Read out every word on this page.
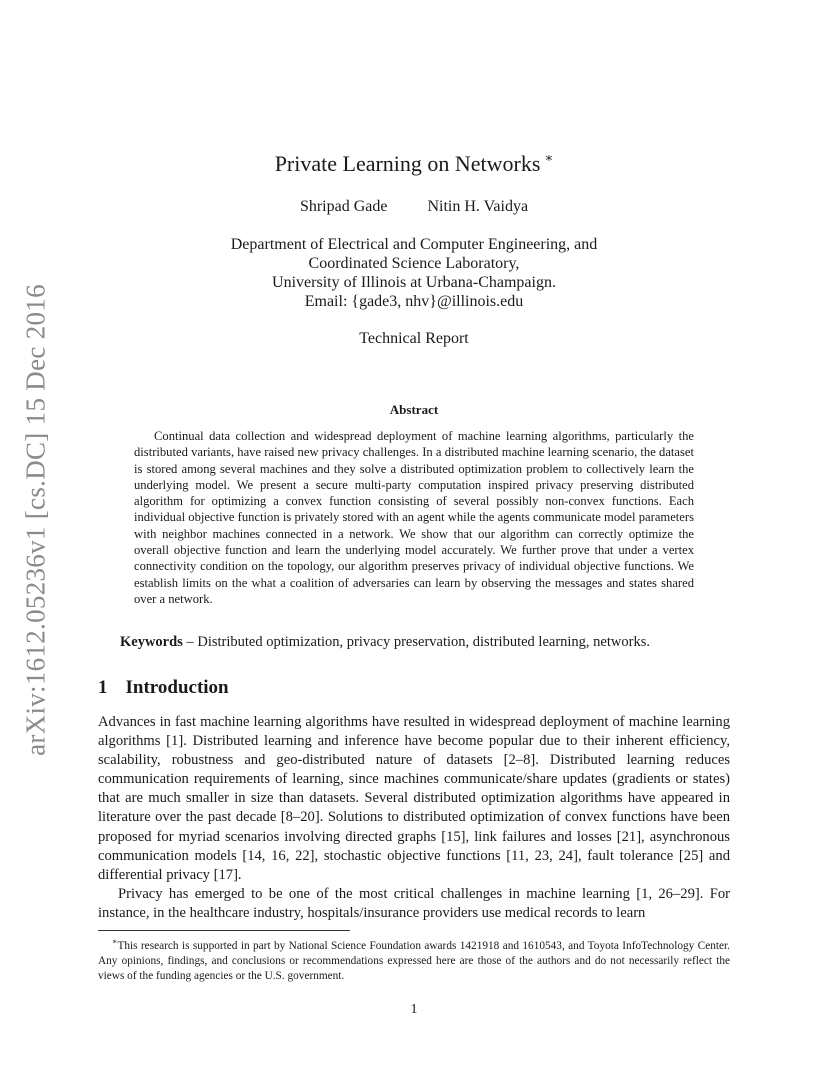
arXiv:1612.05236v1 [cs.DC] 15 Dec 2016
Private Learning on Networks ∗
Shripad Gade	Nitin H. Vaidya
Department of Electrical and Computer Engineering, and
Coordinated Science Laboratory,
University of Illinois at Urbana-Champaign.
Email: {gade3, nhv}@illinois.edu
Technical Report
Abstract

Continual data collection and widespread deployment of machine learning algorithms, particularly the distributed variants, have raised new privacy challenges. In a distributed machine learning scenario, the dataset is stored among several machines and they solve a distributed optimization problem to collectively learn the underlying model. We present a secure multi-party computation inspired privacy preserving distributed algorithm for optimizing a convex function consisting of several possibly non-convex functions. Each individual objective function is privately stored with an agent while the agents communicate model parameters with neighbor machines connected in a network. We show that our algorithm can correctly optimize the overall objective function and learn the underlying model accurately. We further prove that under a vertex connectivity condition on the topology, our algorithm preserves privacy of individual objective functions. We establish limits on the what a coalition of adversaries can learn by observing the messages and states shared over a network.

Keywords – Distributed optimization, privacy preservation, distributed learning, networks.

1 Introduction

Advances in fast machine learning algorithms have resulted in widespread deployment of machine learning algorithms [1]. Distributed learning and inference have become popular due to their inherent efficiency, scalability, robustness and geo-distributed nature of datasets [2–8]. Distributed learning reduces communication requirements of learning, since machines communicate/share updates (gradients or states) that are much smaller in size than datasets. Several distributed optimization algorithms have appeared in literature over the past decade [8–20]. Solutions to distributed optimization of convex functions have been proposed for myriad scenarios involving directed graphs [15], link failures and losses [21], asynchronous communication models [14, 16, 22], stochastic objective functions [11, 23, 24], fault tolerance [25] and differential privacy [17].

Privacy has emerged to be one of the most critical challenges in machine learning [1, 26–29]. For instance, in the healthcare industry, hospitals/insurance providers use medical records to learn

∗This research is supported in part by National Science Foundation awards 1421918 and 1610543, and Toyota InfoTechnology Center. Any opinions, findings, and conclusions or recommendations expressed here are those of the authors and do not necessarily reflect the views of the funding agencies or the U.S. government.

1
